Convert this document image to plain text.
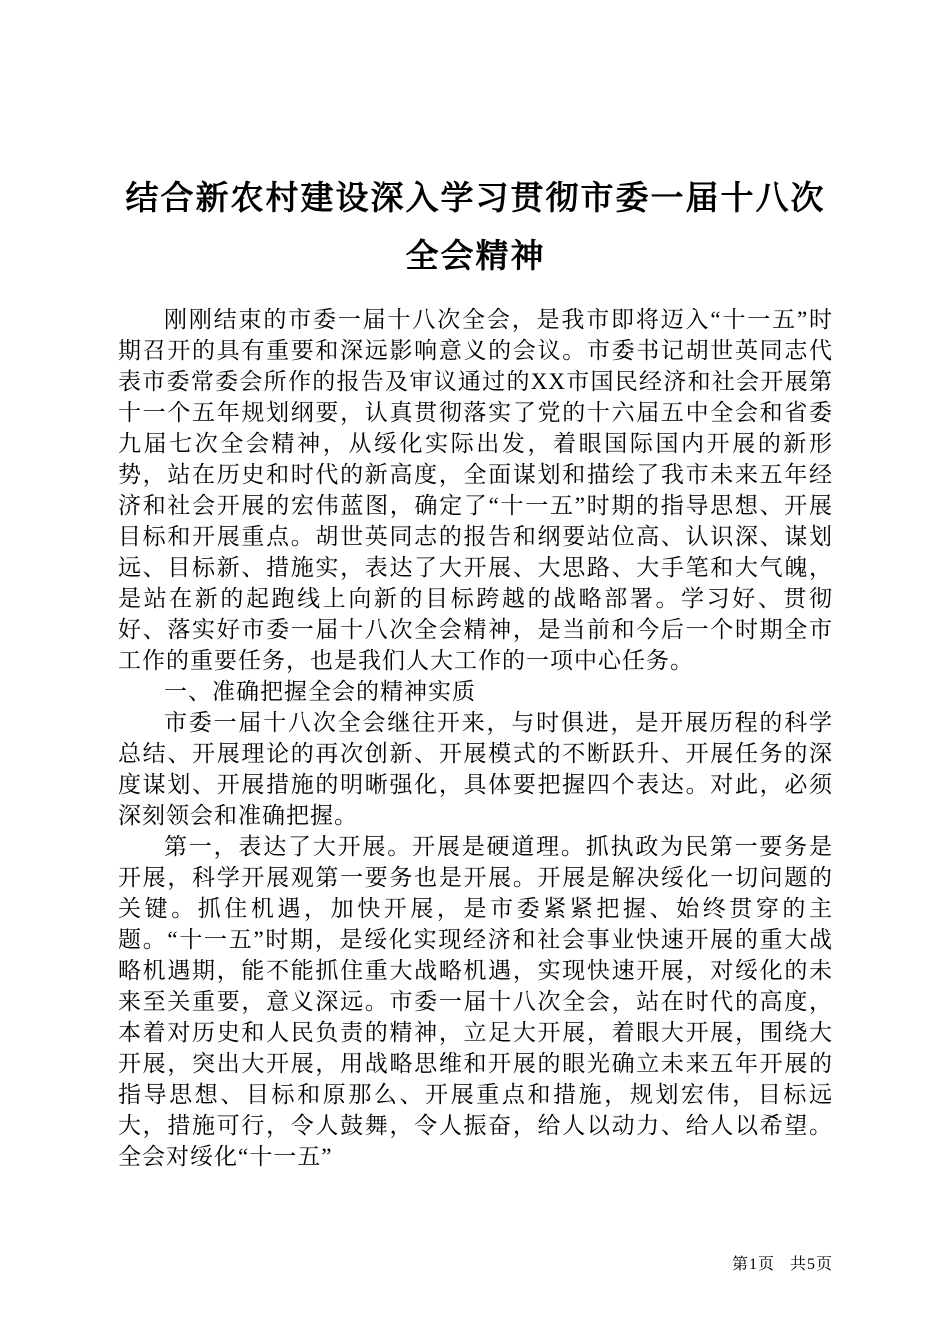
结合新农村建设深入学习贯彻市委一届十八次全会精神

刚刚结束的市委一届十八次全会，是我市即将迈入“十一五”时期召开的具有重要和深远影响意义的会议。市委书记胡世英同志代表市委常委会所作的报告及审议通过的XX市国民经济和社会开展第十一个五年规划纲要，认真贯彻落实了党的十六届五中全会和省委九届七次全会精神，从绥化实际出发，着眼国际国内开展的新形势，站在历史和时代的新高度，全面谋划和描绘了我市未来五年经济和社会开展的宏伟蓝图，确定了“十一五”时期的指导思想、开展目标和开展重点。胡世英同志的报告和纲要站位高、认识深、谋划远、目标新、措施实，表达了大开展、大思路、大手笔和大气魄，是站在新的起跑线上向新的目标跨越的战略部署。学习好、贯彻好、落实好市委一届十八次全会精神，是当前和今后一个时期全市工作的重要任务，也是我们人大工作的一项中心任务。

一、准确把握全会的精神实质

市委一届十八次全会继往开来，与时俱进，是开展历程的科学总结、开展理论的再次创新、开展模式的不断跃升、开展任务的深度谋划、开展措施的明晰强化，具体要把握四个表达。对此，必须深刻领会和准确把握。

第一，表达了大开展。开展是硬道理。抓执政为民第一要务是开展，科学开展观第一要务也是开展。开展是解决绥化一切问题的关键。抓住机遇，加快开展，是市委紧紧把握、始终贯穿的主题。“十一五”时期，是绥化实现经济和社会事业快速开展的重大战略机遇期，能不能抓住重大战略机遇，实现快速开展，对绥化的未来至关重要，意义深远。市委一届十八次全会，站在时代的高度，本着对历史和人民负责的精神，立足大开展，着眼大开展，围绕大开展，突出大开展，用战略思维和开展的眼光确立未来五年开展的指导思想、目标和原那么、开展重点和措施，规划宏伟，目标远大，措施可行，令人鼓舞，令人振奋，给人以动力、给人以希望。全会对绥化“十一五”

第1页 共5页
